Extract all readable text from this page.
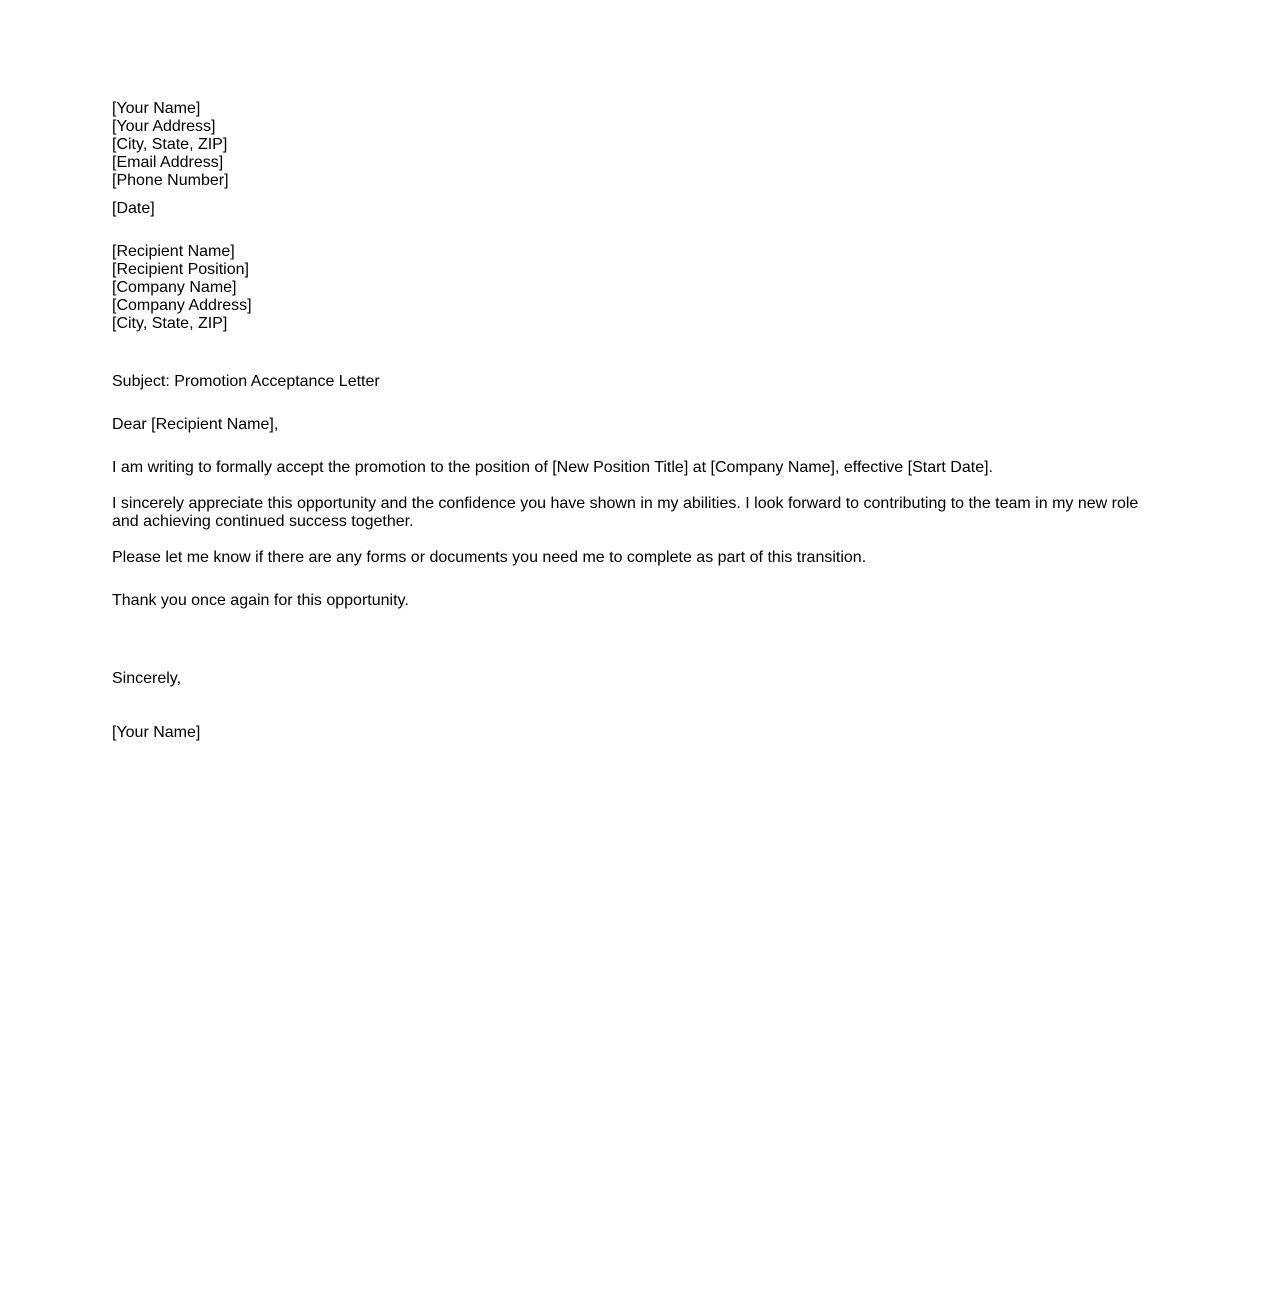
[Your Name]
[Your Address]
[City, State, ZIP]
[Email Address]
[Phone Number]
[Date]
[Recipient Name]
[Recipient Position]
[Company Name]
[Company Address]
[City, State, ZIP]
Subject: Promotion Acceptance Letter
Dear [Recipient Name],
I am writing to formally accept the promotion to the position of [New Position Title] at [Company Name], effective [Start Date].
I sincerely appreciate this opportunity and the confidence you have shown in my abilities. I look forward to contributing to the team in my new role and achieving continued success together.
Please let me know if there are any forms or documents you need me to complete as part of this transition.
Thank you once again for this opportunity.
Sincerely,
[Your Name]
